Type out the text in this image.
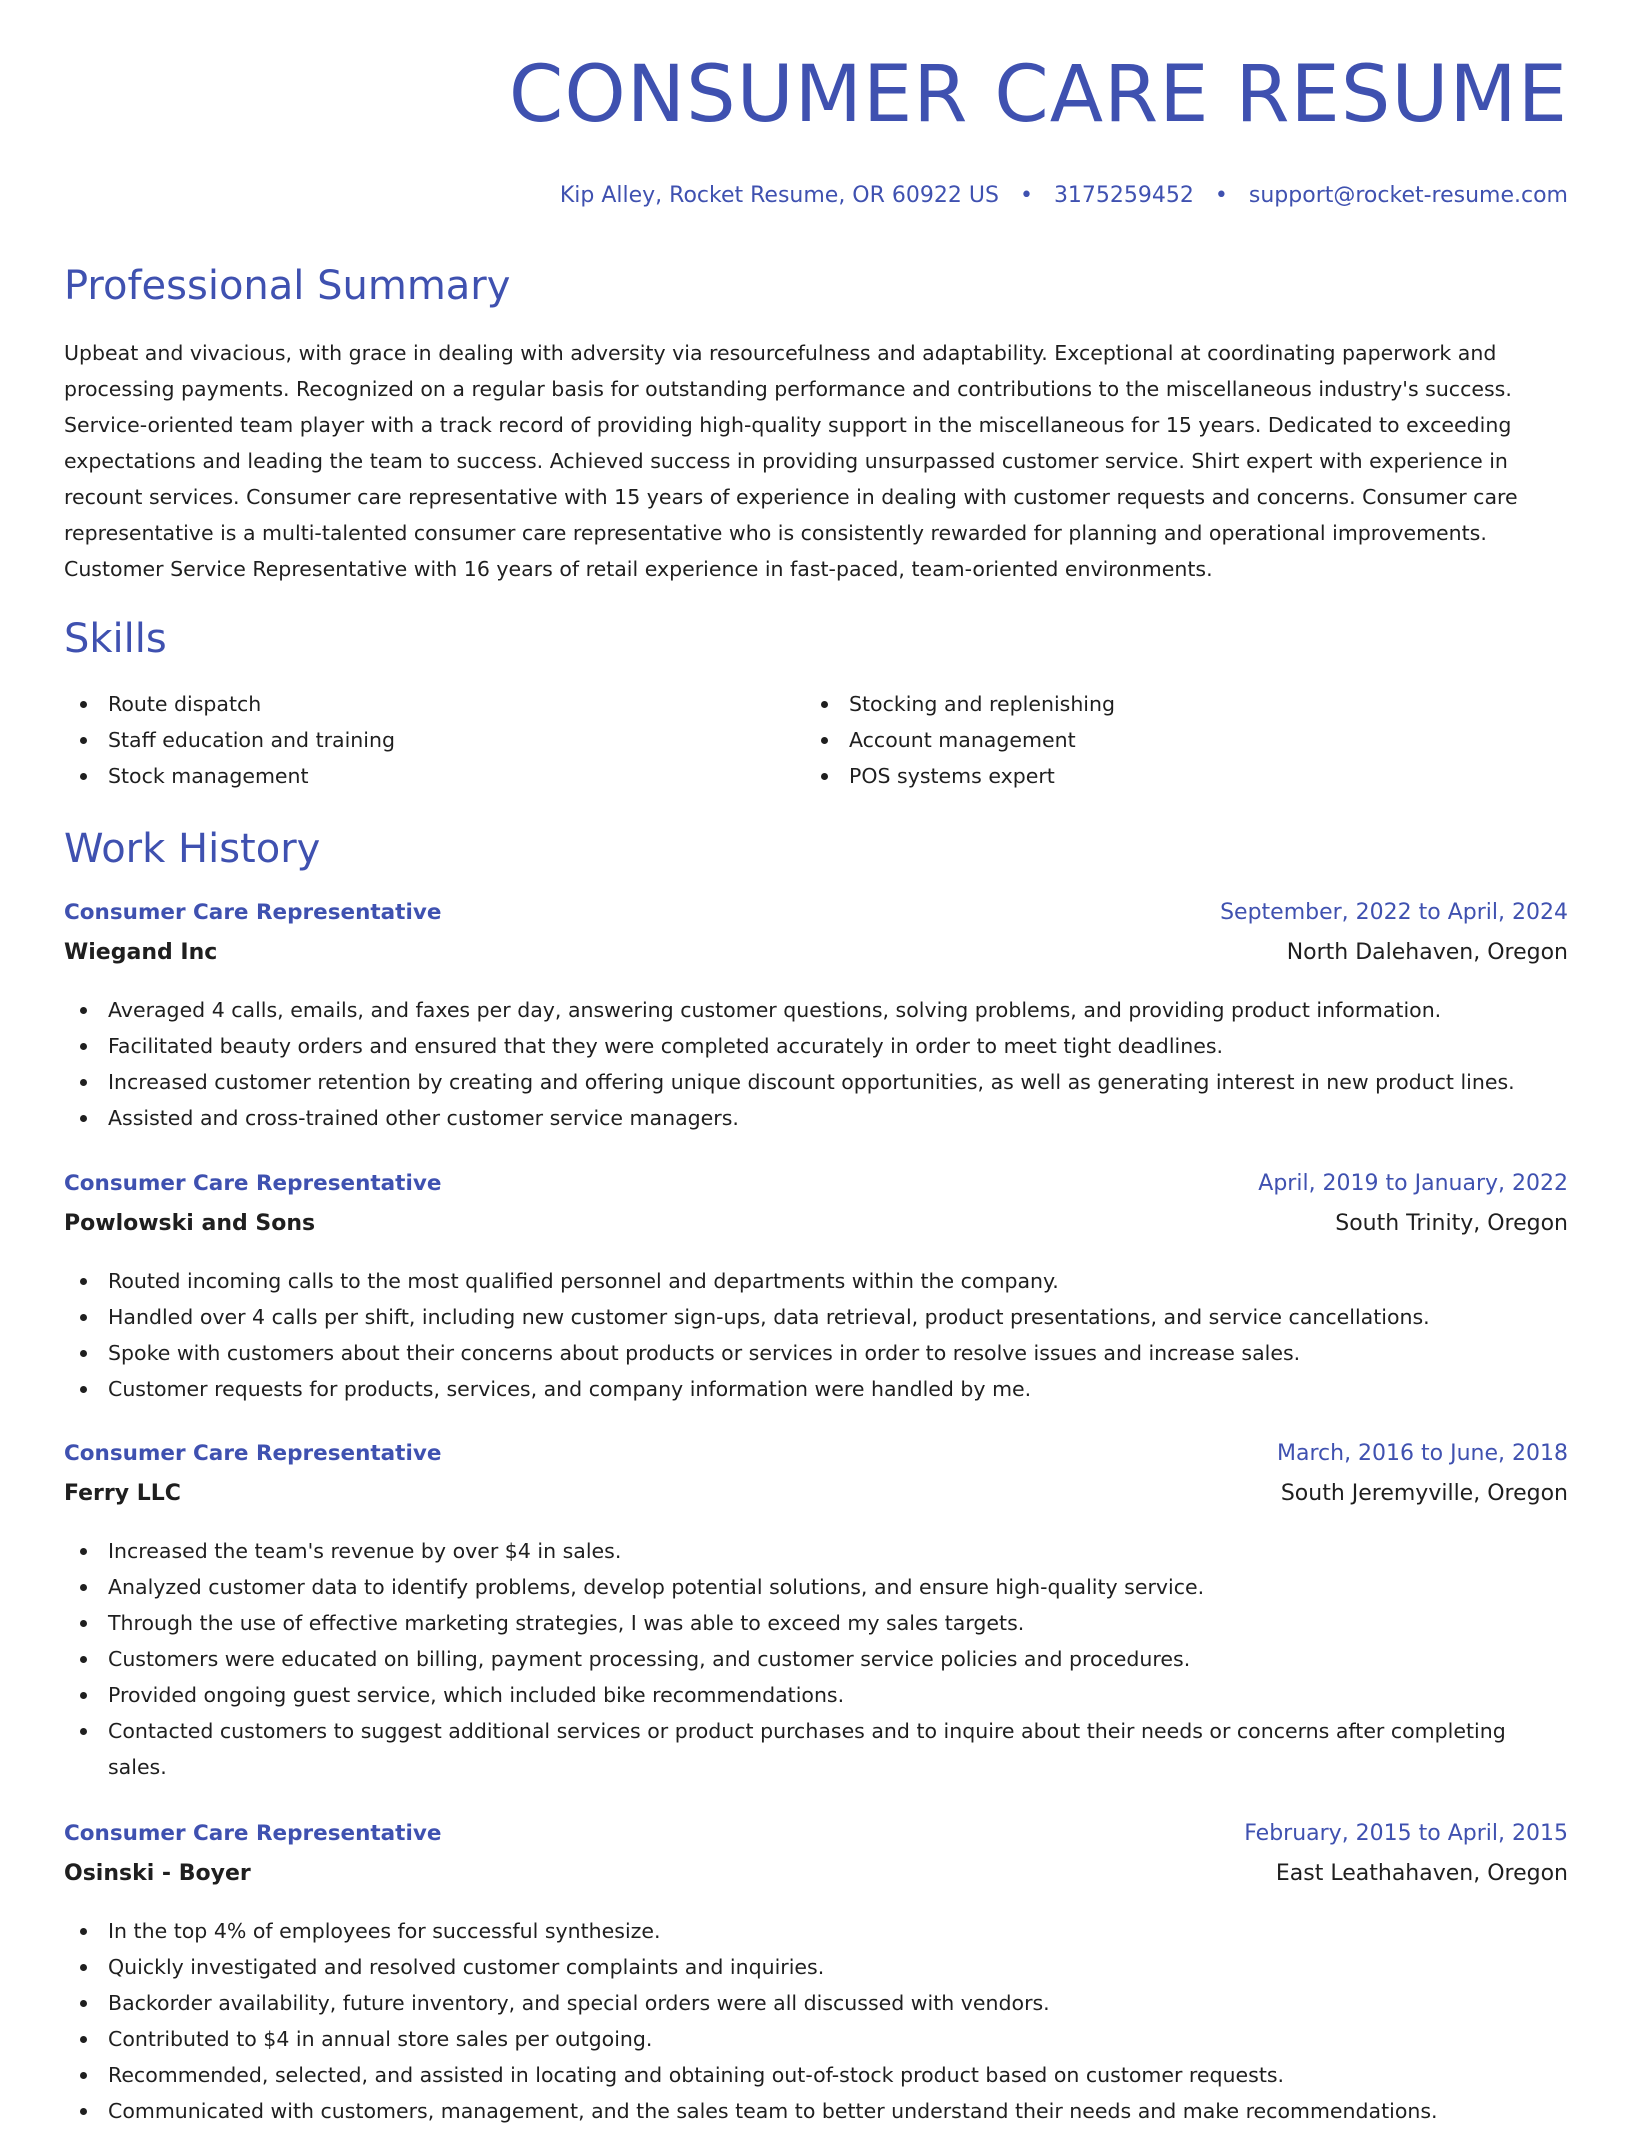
CONSUMER CARE RESUME
Kip Alley, Rocket Resume, OR 60922 US • 3175259452 • support@rocket-resume.com
Professional Summary
Upbeat and vivacious, with grace in dealing with adversity via resourcefulness and adaptability. Exceptional at coordinating paperwork and processing payments. Recognized on a regular basis for outstanding performance and contributions to the miscellaneous industry's success. Service-oriented team player with a track record of providing high-quality support in the miscellaneous for 15 years. Dedicated to exceeding expectations and leading the team to success. Achieved success in providing unsurpassed customer service. Shirt expert with experience in recount services. Consumer care representative with 15 years of experience in dealing with customer requests and concerns. Consumer care representative is a multi-talented consumer care representative who is consistently rewarded for planning and operational improvements. Customer Service Representative with 16 years of retail experience in fast-paced, team-oriented environments.
Skills
Route dispatch
Staff education and training
Stock management
Stocking and replenishing
Account management
POS systems expert
Work History
Consumer Care Representative	September, 2022 to April, 2024
Wiegand Inc	North Dalehaven, Oregon
Averaged 4 calls, emails, and faxes per day, answering customer questions, solving problems, and providing product information.
Facilitated beauty orders and ensured that they were completed accurately in order to meet tight deadlines.
Increased customer retention by creating and offering unique discount opportunities, as well as generating interest in new product lines.
Assisted and cross-trained other customer service managers.
Consumer Care Representative	April, 2019 to January, 2022
Powlowski and Sons	South Trinity, Oregon
Routed incoming calls to the most qualified personnel and departments within the company.
Handled over 4 calls per shift, including new customer sign-ups, data retrieval, product presentations, and service cancellations.
Spoke with customers about their concerns about products or services in order to resolve issues and increase sales.
Customer requests for products, services, and company information were handled by me.
Consumer Care Representative	March, 2016 to June, 2018
Ferry LLC	South Jeremyville, Oregon
Increased the team's revenue by over $4 in sales.
Analyzed customer data to identify problems, develop potential solutions, and ensure high-quality service.
Through the use of effective marketing strategies, I was able to exceed my sales targets.
Customers were educated on billing, payment processing, and customer service policies and procedures.
Provided ongoing guest service, which included bike recommendations.
Contacted customers to suggest additional services or product purchases and to inquire about their needs or concerns after completing sales.
Consumer Care Representative	February, 2015 to April, 2015
Osinski - Boyer	East Leathahaven, Oregon
In the top 4% of employees for successful synthesize.
Quickly investigated and resolved customer complaints and inquiries.
Backorder availability, future inventory, and special orders were all discussed with vendors.
Contributed to $4 in annual store sales per outgoing.
Recommended, selected, and assisted in locating and obtaining out-of-stock product based on customer requests.
Communicated with customers, management, and the sales team to better understand their needs and make recommendations.
